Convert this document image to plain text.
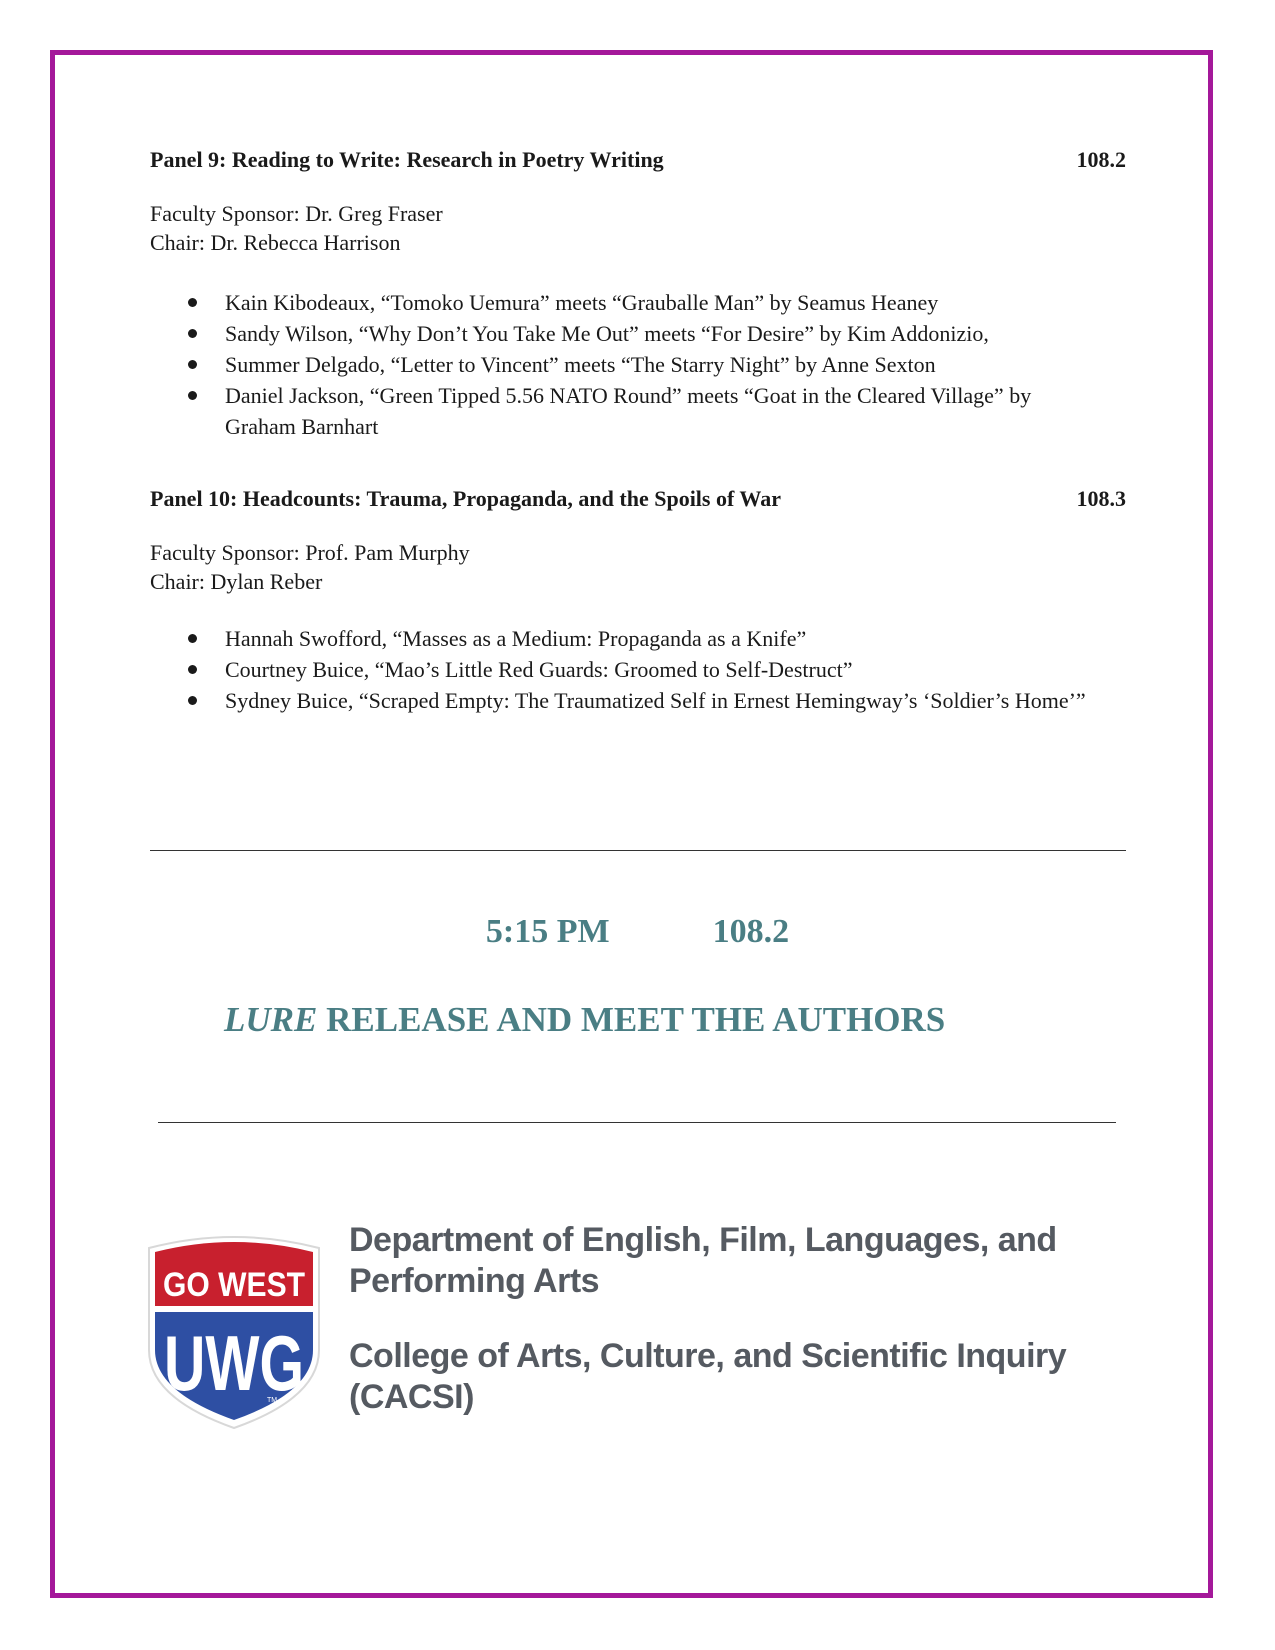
Panel 9: Reading to Write: Research in Poetry Writing	108.2
Faculty Sponsor: Dr. Greg Fraser
Chair: Dr. Rebecca Harrison
Kain Kibodeaux, “Tomoko Uemura” meets “Grauballe Man” by Seamus Heaney
Sandy Wilson, “Why Don’t You Take Me Out” meets “For Desire” by Kim Addonizio,
Summer Delgado, “Letter to Vincent” meets “The Starry Night” by Anne Sexton
Daniel Jackson, “Green Tipped 5.56 NATO Round” meets “Goat in the Cleared Village” by Graham Barnhart
Panel 10: Headcounts: Trauma, Propaganda, and the Spoils of War	108.3
Faculty Sponsor: Prof. Pam Murphy
Chair: Dylan Reber
Hannah Swofford, “Masses as a Medium: Propaganda as a Knife”
Courtney Buice, “Mao’s Little Red Guards: Groomed to Self-Destruct”
Sydney Buice, “Scraped Empty: The Traumatized Self in Ernest Hemingway’s ‘Soldier’s Home’”
5:15 PM	108.2
LURE RELEASE AND MEET THE AUTHORS
GO WEST
UWG
TM
Department of English, Film, Languages, and Performing Arts
College of Arts, Culture, and Scientific Inquiry (CACSI)
